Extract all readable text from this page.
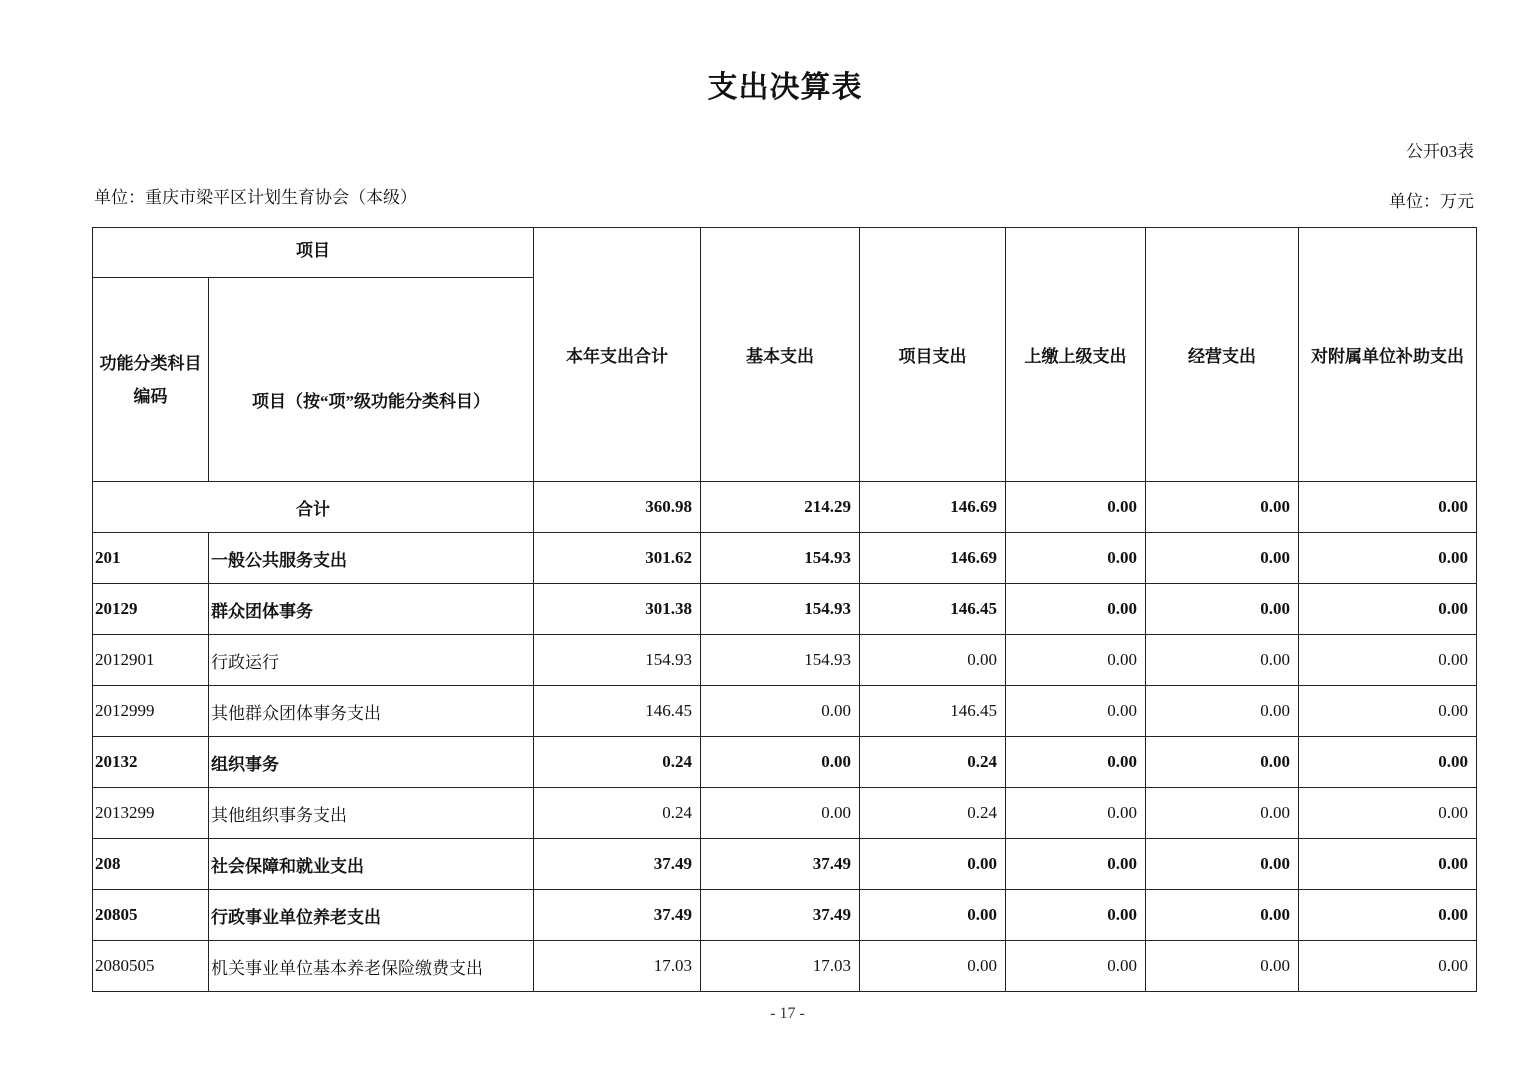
支出决算表
公开03表
单位：重庆市梁平区计划生育协会（本级）	单位：万元
项目		本年支出合计	基本支出	项目支出	上缴上级支出	经营支出	对附属单位补助支出
功能分类科目编码	项目（按“项”级功能分类科目）						
合计		360.98	214.29	146.69	0.00	0.00	0.00
201	一般公共服务支出	301.62	154.93	146.69	0.00	0.00	0.00
20129	群众团体事务	301.38	154.93	146.45	0.00	0.00	0.00
2012901	行政运行	154.93	154.93	0.00	0.00	0.00	0.00
2012999	其他群众团体事务支出	146.45	0.00	146.45	0.00	0.00	0.00
20132	组织事务	0.24	0.00	0.24	0.00	0.00	0.00
2013299	其他组织事务支出	0.24	0.00	0.24	0.00	0.00	0.00
208	社会保障和就业支出	37.49	37.49	0.00	0.00	0.00	0.00
20805	行政事业单位养老支出	37.49	37.49	0.00	0.00	0.00	0.00
2080505	机关事业单位基本养老保险缴费支出	17.03	17.03	0.00	0.00	0.00	0.00
- 17 -
